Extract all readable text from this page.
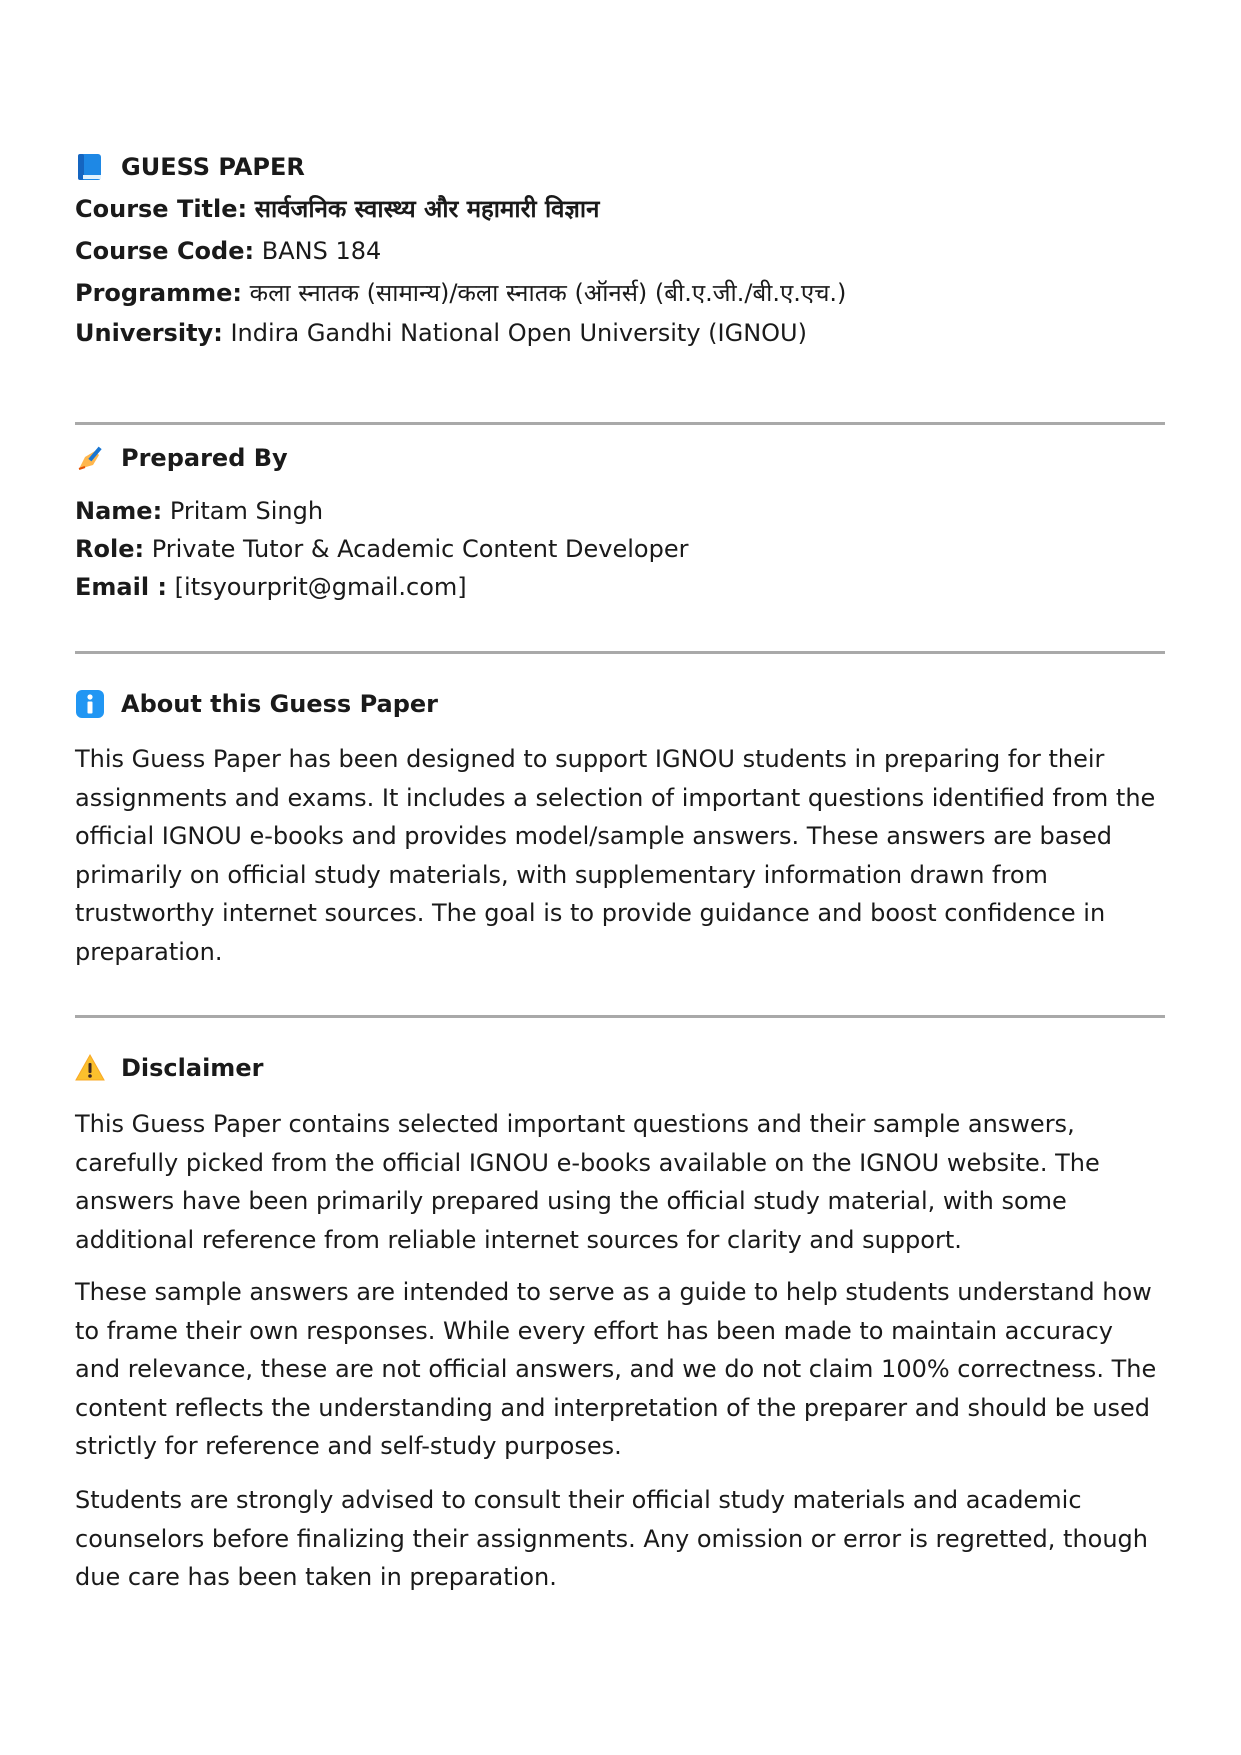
GUESS PAPER

Course Title: सार्वजनिक स्वास्थ्य और महामारी विज्ञान

Course Code: BANS 184

Programme: कला स्नातक (सामान्य)/कला स्नातक (ऑनर्स) (बी.ए.जी./बी.ए.एच.)

University: Indira Gandhi National Open University (IGNOU)

Prepared By

Name: Pritam Singh

Role: Private Tutor & Academic Content Developer

Email : [itsyourprit@gmail.com]

About this Guess Paper

This Guess Paper has been designed to support IGNOU students in preparing for their assignments and exams. It includes a selection of important questions identified from the official IGNOU e-books and provides model/sample answers. These answers are based primarily on official study materials, with supplementary information drawn from trustworthy internet sources. The goal is to provide guidance and boost confidence in preparation.

Disclaimer

This Guess Paper contains selected important questions and their sample answers, carefully picked from the official IGNOU e-books available on the IGNOU website. The answers have been primarily prepared using the official study material, with some additional reference from reliable internet sources for clarity and support.

These sample answers are intended to serve as a guide to help students understand how to frame their own responses. While every effort has been made to maintain accuracy and relevance, these are not official answers, and we do not claim 100% correctness. The content reflects the understanding and interpretation of the preparer and should be used strictly for reference and self-study purposes.

Students are strongly advised to consult their official study materials and academic counselors before finalizing their assignments. Any omission or error is regretted, though due care has been taken in preparation.
